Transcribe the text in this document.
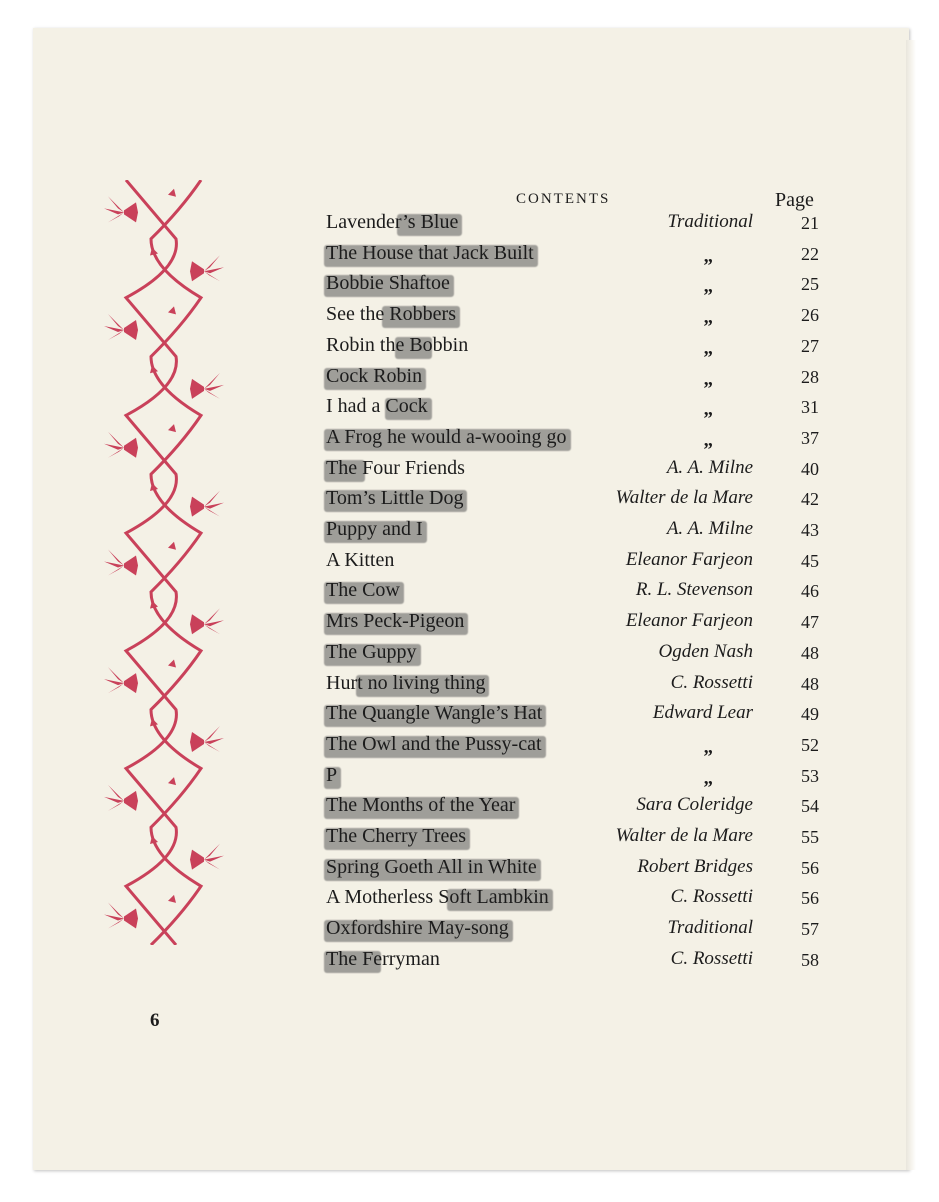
CONTENTS	Page
Lavender’s Blue	Traditional	21
The House that Jack Built	„	22
Bobbie Shaftoe	„	25
See the Robbers	„	26
Robin the Bobbin	„	27
Cock Robin	„	28
I had a Cock	„	31
A Frog he would a-wooing go	„	37
The Four Friends	A. A. Milne	40
Tom’s Little Dog	Walter de la Mare	42
Puppy and I	A. A. Milne	43
A Kitten	Eleanor Farjeon	45
The Cow	R. L. Stevenson	46
Mrs Peck-Pigeon	Eleanor Farjeon	47
The Guppy	Ogden Nash	48
Hurt no living thing	C. Rossetti	48
The Quangle Wangle’s Hat	Edward Lear	49
The Owl and the Pussy-cat	„	52
P	„	53
The Months of the Year	Sara Coleridge	54
The Cherry Trees	Walter de la Mare	55
Spring Goeth All in White	Robert Bridges	56
A Motherless Soft Lambkin	C. Rossetti	56
Oxfordshire May-song	Traditional	57
The Ferryman	C. Rossetti	58
6
